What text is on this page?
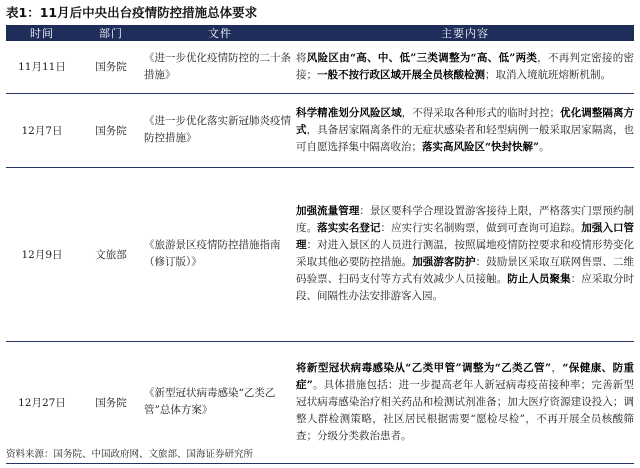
表1：11月后中央出台疫情防控措施总体要求
时间	部门	文件	主要内容
11月11日	国务院	《进一步优化疫情防控的二十条措施》	将风险区由“高、中、低”三类调整为“高、低”两类，不再判定密接的密接；一般不按行政区域开展全员核酸检测；取消入境航班熔断机制。
12月7日	国务院	《进一步优化落实新冠肺炎疫情防控措施》	科学精准划分风险区域，不得采取各种形式的临时封控；优化调整隔离方式，具备居家隔离条件的无症状感染者和轻型病例一般采取居家隔离，也可自愿选择集中隔离收治；落实高风险区“快封快解”。
12月9日	文旅部	《旅游景区疫情防控措施指南（修订版）》	加强流量管理：景区要科学合理设置游客接待上限，严格落实门票预约制度。落实实名登记：应实行实名制购票，做到可查询可追踪。加强入口管理：对进入景区的人员进行测温，按照属地疫情防控要求和疫情形势变化采取其他必要防控措施。加强游客防护：鼓励景区采取互联网售票、二维码验票、扫码支付等方式有效减少人员接触。防止人员聚集：应采取分时段、间隔性办法安排游客入园。
12月27日	国务院	《新型冠状病毒感染“乙类乙管”总体方案》	将新型冠状病毒感染从“乙类甲管”调整为“乙类乙管”，“保健康、防重症”。具体措施包括：进一步提高老年人新冠病毒疫苗接种率；完善新型冠状病毒感染治疗相关药品和检测试剂准备；加大医疗资源建设投入；调整人群检测策略，社区居民根据需要“愿检尽检”，不再开展全员核酸筛查；分级分类救治患者。
资料来源：国务院、中国政府网、文旅部、国海证券研究所
